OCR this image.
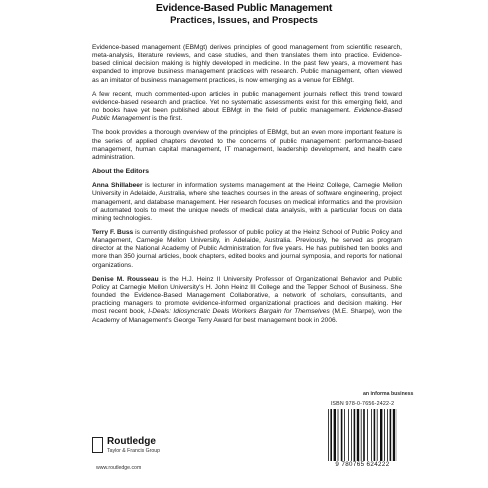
Evidence-Based Public Management
Practices, Issues, and Prospects

Evidence-based management (EBMgt) derives principles of good management from scientific research, meta-analysis, literature reviews, and case studies, and then translates them into practice. Evidence-based clinical decision making is highly developed in medicine. In the past few years, a movement has expanded to improve business management practices with research. Public management, often viewed as an imitator of business management practices, is now emerging as a venue for EBMgt.

A few recent, much commented-upon articles in public management journals reflect this trend toward evidence-based research and practice. Yet no systematic assessments exist for this emerging field, and no books have yet been published about EBMgt in the field of public management. Evidence-Based Public Management is the first.

The book provides a thorough overview of the principles of EBMgt, but an even more important feature is the series of applied chapters devoted to the concerns of public management: performance-based management, human capital management, IT management, leadership development, and health care administration.

About the Editors

Anna Shillabeer is lecturer in information systems management at the Heinz College, Carnegie Mellon University in Adelaide, Australia, where she teaches courses in the areas of software engineering, project management, and database management. Her research focuses on medical informatics and the provision of automated tools to meet the unique needs of medical data analysis, with a particular focus on data mining technologies.

Terry F. Buss is currently distinguished professor of public policy at the Heinz School of Public Policy and Management, Carnegie Mellon University, in Adelaide, Australia. Previously, he served as program director at the National Academy of Public Administration for five years. He has published ten books and more than 350 journal articles, book chapters, edited books and journal symposia, and reports for national organizations.

Denise M. Rousseau is the H.J. Heinz II University Professor of Organizational Behavior and Public Policy at Carnegie Mellon University's H. John Heinz III College and the Tepper School of Business. She founded the Evidence-Based Management Collaborative, a network of scholars, consultants, and practicing managers to promote evidence-informed organizational practices and decision making. Her most recent book, I-Deals: Idiosyncratic Deals Workers Bargain for Themselves (M.E. Sharpe), won the Academy of Management's George Terry Award for best management book in 2006.

an informa business
ISBN 978-0-7656-2422-2
9 780765 624222
Routledge
Taylor & Francis Group
www.routledge.com
